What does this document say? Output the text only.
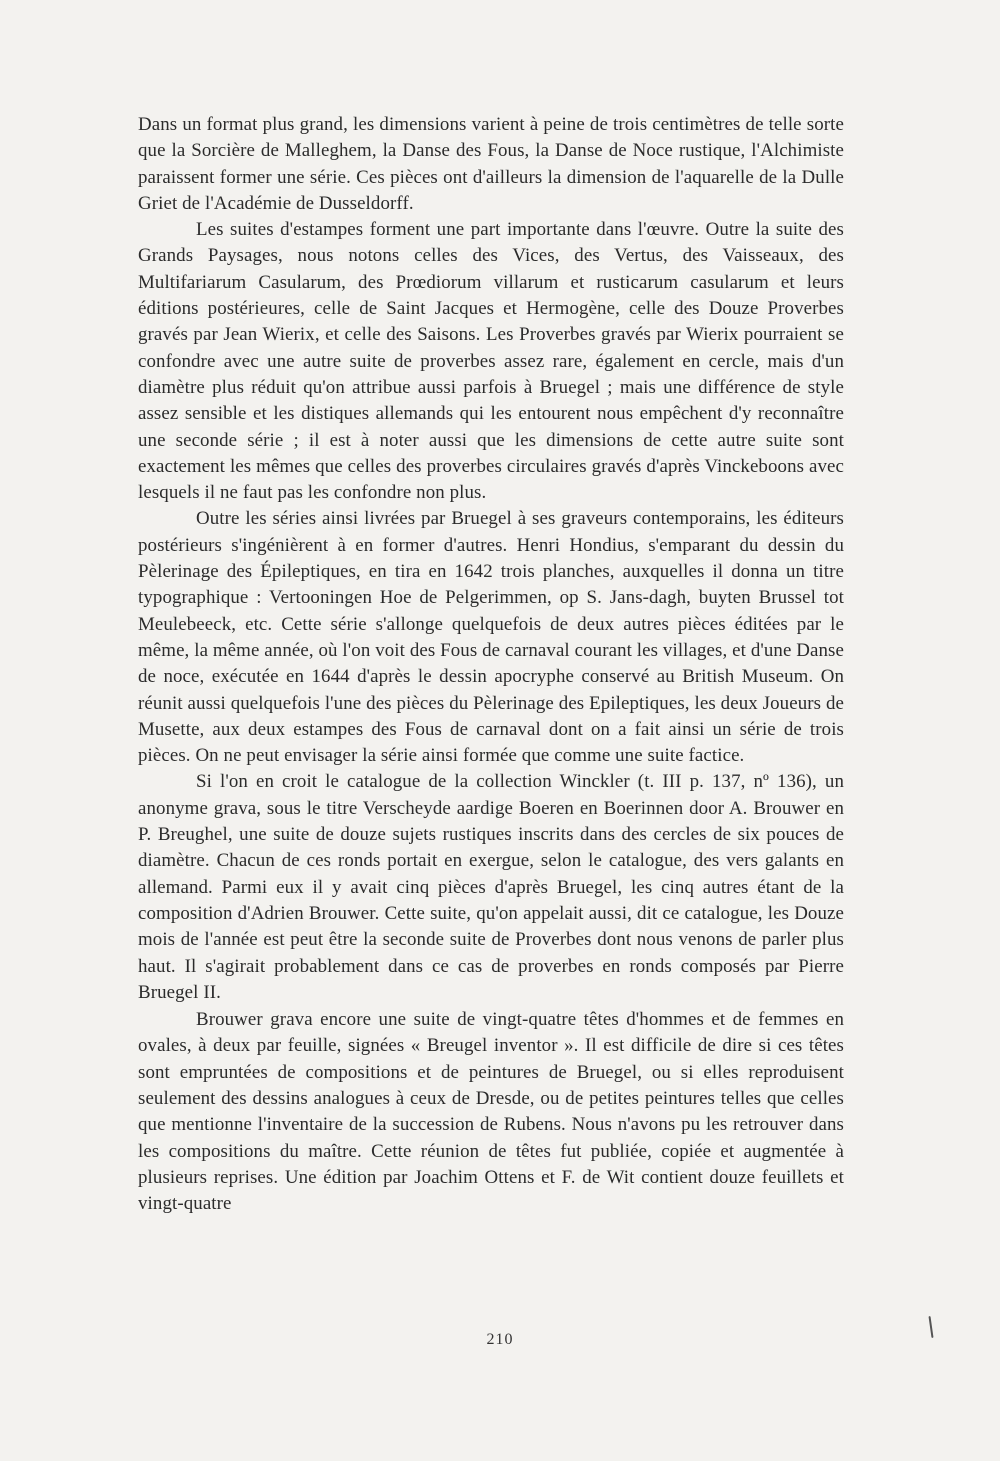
Dans un format plus grand, les dimensions varient à peine de trois centimètres de telle sorte que la Sorcière de Malleghem, la Danse des Fous, la Danse de Noce rustique, l'Alchimiste paraissent former une série. Ces pièces ont d'ailleurs la dimension de l'aquarelle de la Dulle Griet de l'Académie de Dusseldorff.

Les suites d'estampes forment une part importante dans l'œuvre. Outre la suite des Grands Paysages, nous notons celles des Vices, des Vertus, des Vaisseaux, des Multifariarum Casularum, des Prœdiorum villarum et rusticarum casularum et leurs éditions postérieures, celle de Saint Jacques et Hermogène, celle des Douze Proverbes gravés par Jean Wierix, et celle des Saisons. Les Proverbes gravés par Wierix pourraient se confondre avec une autre suite de proverbes assez rare, également en cercle, mais d'un diamètre plus réduit qu'on attribue aussi parfois à Bruegel ; mais une différence de style assez sensible et les distiques allemands qui les entourent nous empêchent d'y reconnaître une seconde série ; il est à noter aussi que les dimensions de cette autre suite sont exactement les mêmes que celles des proverbes circulaires gravés d'après Vinckeboons avec lesquels il ne faut pas les confondre non plus.

Outre les séries ainsi livrées par Bruegel à ses graveurs contemporains, les éditeurs postérieurs s'ingénièrent à en former d'autres. Henri Hondius, s'emparant du dessin du Pèlerinage des Épileptiques, en tira en 1642 trois planches, auxquelles il donna un titre typographique : Vertooningen Hoe de Pelgerimmen, op S. Jans-dagh, buyten Brussel tot Meulebeeck, etc. Cette série s'allonge quelquefois de deux autres pièces éditées par le même, la même année, où l'on voit des Fous de carnaval courant les villages, et d'une Danse de noce, exécutée en 1644 d'après le dessin apocryphe conservé au British Museum. On réunit aussi quelquefois l'une des pièces du Pèlerinage des Epileptiques, les deux Joueurs de Musette, aux deux estampes des Fous de carnaval dont on a fait ainsi un série de trois pièces. On ne peut envisager la série ainsi formée que comme une suite factice.

Si l'on en croit le catalogue de la collection Winckler (t. III p. 137, nº 136), un anonyme grava, sous le titre Verscheyde aardige Boeren en Boerinnen door A. Brouwer en P. Breughel, une suite de douze sujets rustiques inscrits dans des cercles de six pouces de diamètre. Chacun de ces ronds portait en exergue, selon le catalogue, des vers galants en allemand. Parmi eux il y avait cinq pièces d'après Bruegel, les cinq autres étant de la composition d'Adrien Brouwer. Cette suite, qu'on appelait aussi, dit ce catalogue, les Douze mois de l'année est peut être la seconde suite de Proverbes dont nous venons de parler plus haut. Il s'agirait probablement dans ce cas de proverbes en ronds composés par Pierre Bruegel II.

Brouwer grava encore une suite de vingt-quatre têtes d'hommes et de femmes en ovales, à deux par feuille, signées « Breugel inventor ». Il est difficile de dire si ces têtes sont empruntées de compositions et de peintures de Bruegel, ou si elles reproduisent seulement des dessins analogues à ceux de Dresde, ou de petites peintures telles que celles que mentionne l'inventaire de la succession de Rubens. Nous n'avons pu les retrouver dans les compositions du maître. Cette réunion de têtes fut publiée, copiée et augmentée à plusieurs reprises. Une édition par Joachim Ottens et F. de Wit contient douze feuillets et vingt-quatre

210
